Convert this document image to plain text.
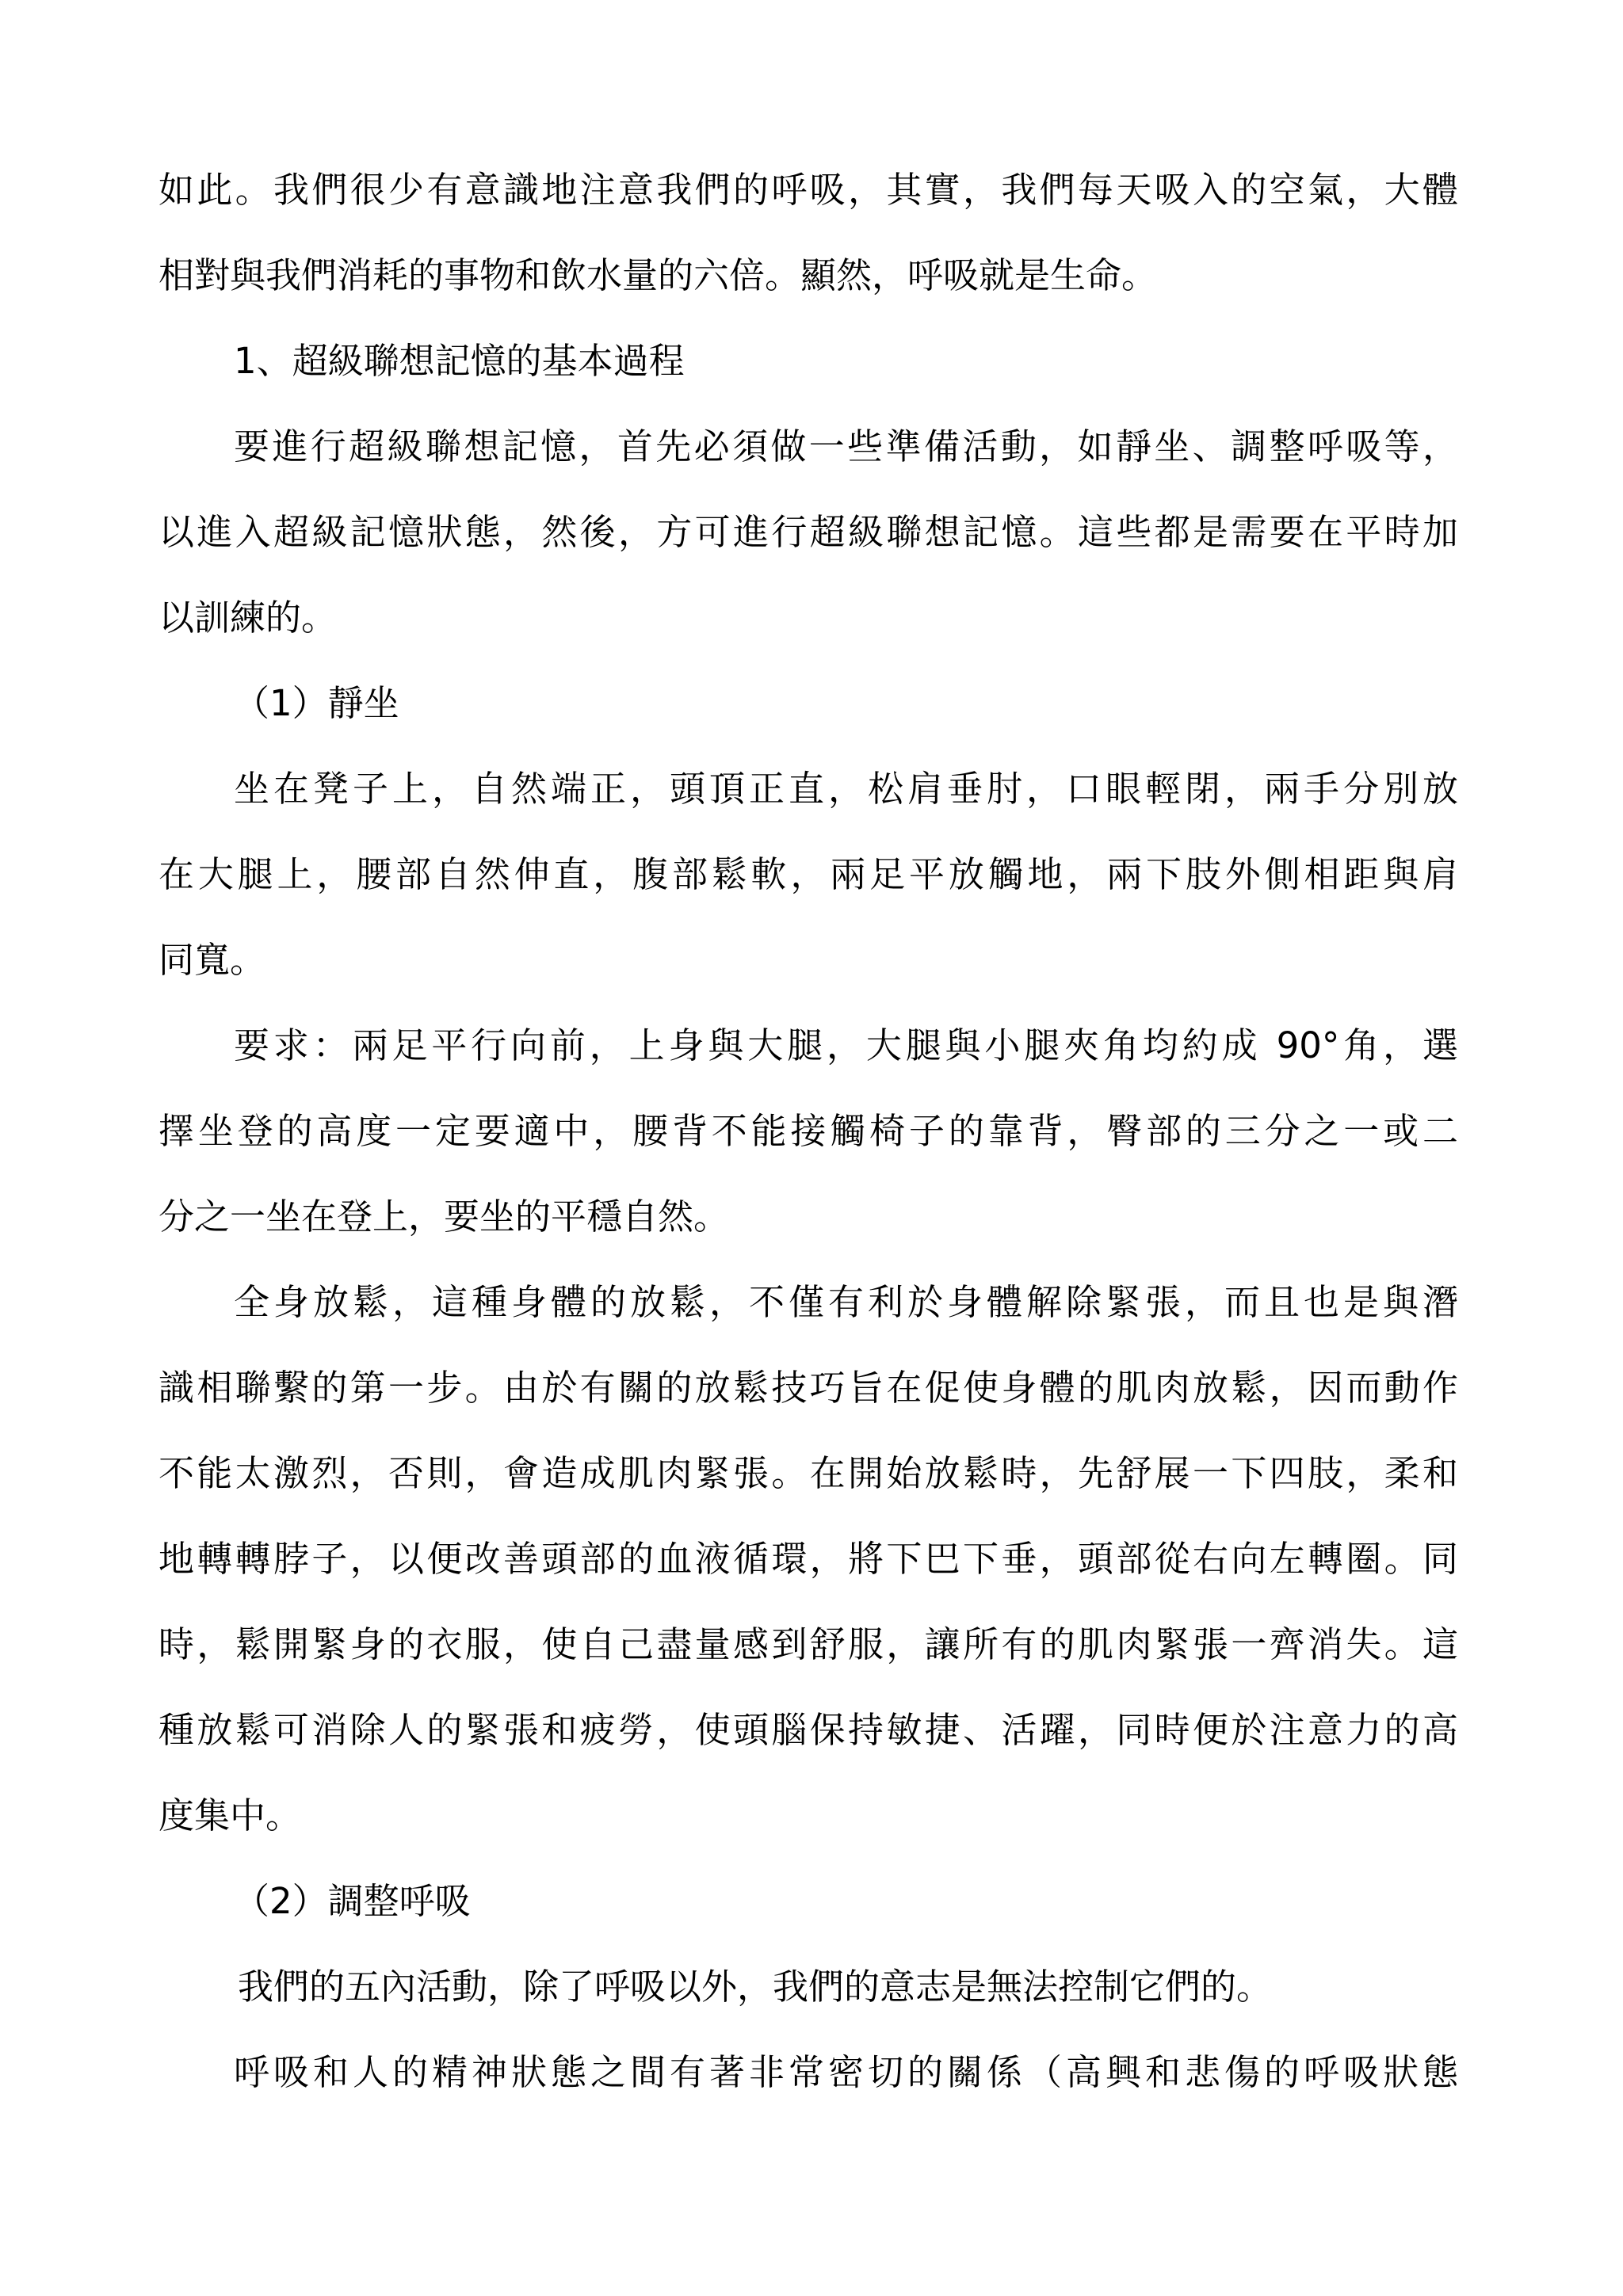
如此。我們很少有意識地注意我們的呼吸，其實，我們每天吸入的空氣，大體
相對與我們消耗的事物和飲水量的六倍。顯然，呼吸就是生命。
1、超級聯想記憶的基本過程
要進行超級聯想記憶，首先必須做一些準備活動，如靜坐、調整呼吸等，
以進入超級記憶狀態，然後，方可進行超級聯想記憶。這些都是需要在平時加
以訓練的。
（1）靜坐
坐在凳子上，自然端正，頭頂正直，松肩垂肘，口眼輕閉，兩手分別放
在大腿上，腰部自然伸直，腹部鬆軟，兩足平放觸地，兩下肢外側相距與肩
同寬。
要求：兩足平行向前，上身與大腿，大腿與小腿夾角均約成 90°角，選
擇坐登的高度一定要適中，腰背不能接觸椅子的靠背，臀部的三分之一或二
分之一坐在登上，要坐的平穩自然。
全身放鬆，這種身體的放鬆，不僅有利於身體解除緊張，而且也是與潛
識相聯繫的第一步。由於有關的放鬆技巧旨在促使身體的肌肉放鬆，因而動作
不能太激烈，否則，會造成肌肉緊張。在開始放鬆時，先舒展一下四肢，柔和
地轉轉脖子，以便改善頭部的血液循環，將下巴下垂，頭部從右向左轉圈。同
時，鬆開緊身的衣服，使自己盡量感到舒服，讓所有的肌肉緊張一齊消失。這
種放鬆可消除人的緊張和疲勞，使頭腦保持敏捷、活躍，同時便於注意力的高
度集中。
（2）調整呼吸
我們的五內活動，除了呼吸以外，我們的意志是無法控制它們的。
呼吸和人的精神狀態之間有著非常密切的關係（高興和悲傷的呼吸狀態
